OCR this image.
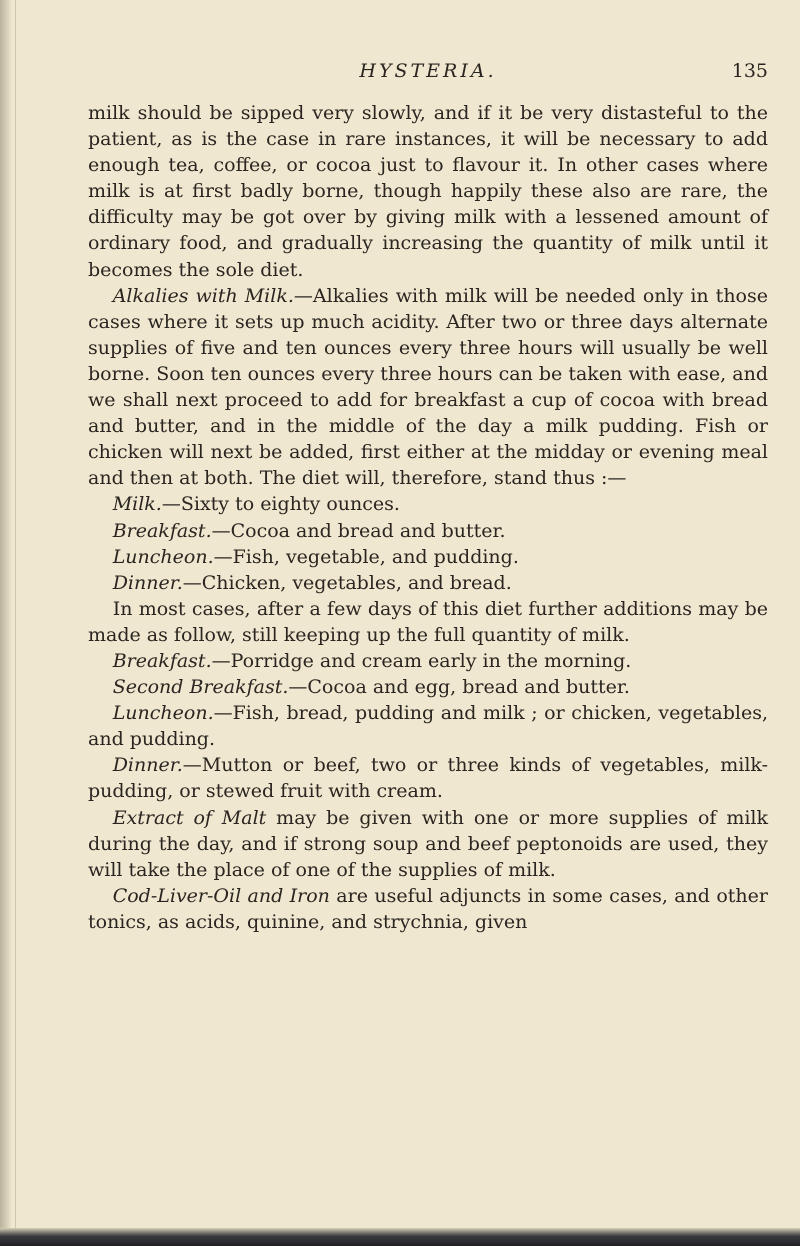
HYSTERIA.	135

milk should be sipped very slowly, and if it be very distasteful to the patient, as is the case in rare instances, it will be necessary to add enough tea, coffee, or cocoa just to flavour it. In other cases where milk is at first badly borne, though happily these also are rare, the difficulty may be got over by giving milk with a lessened amount of ordinary food, and gradually increasing the quantity of milk until it becomes the sole diet.

Alkalies with Milk.—Alkalies with milk will be needed only in those cases where it sets up much acidity. After two or three days alternate supplies of five and ten ounces every three hours will usually be well borne. Soon ten ounces every three hours can be taken with ease, and we shall next proceed to add for breakfast a cup of cocoa with bread and butter, and in the middle of the day a milk pudding. Fish or chicken will next be added, first either at the midday or evening meal and then at both. The diet will, therefore, stand thus :—

Milk.—Sixty to eighty ounces.

Breakfast.—Cocoa and bread and butter.

Luncheon.—Fish, vegetable, and pudding.

Dinner.—Chicken, vegetables, and bread.

In most cases, after a few days of this diet further additions may be made as follow, still keeping up the full quantity of milk.

Breakfast.—Porridge and cream early in the morning.

Second Breakfast.—Cocoa and egg, bread and butter.

Luncheon.—Fish, bread, pudding and milk ; or chicken, vegetables, and pudding.

Dinner.—Mutton or beef, two or three kinds of vegetables, milk-pudding, or stewed fruit with cream.

Extract of Malt may be given with one or more supplies of milk during the day, and if strong soup and beef peptonoids are used, they will take the place of one of the supplies of milk.

Cod-Liver-Oil and Iron are useful adjuncts in some cases, and other tonics, as acids, quinine, and strychnia, given
